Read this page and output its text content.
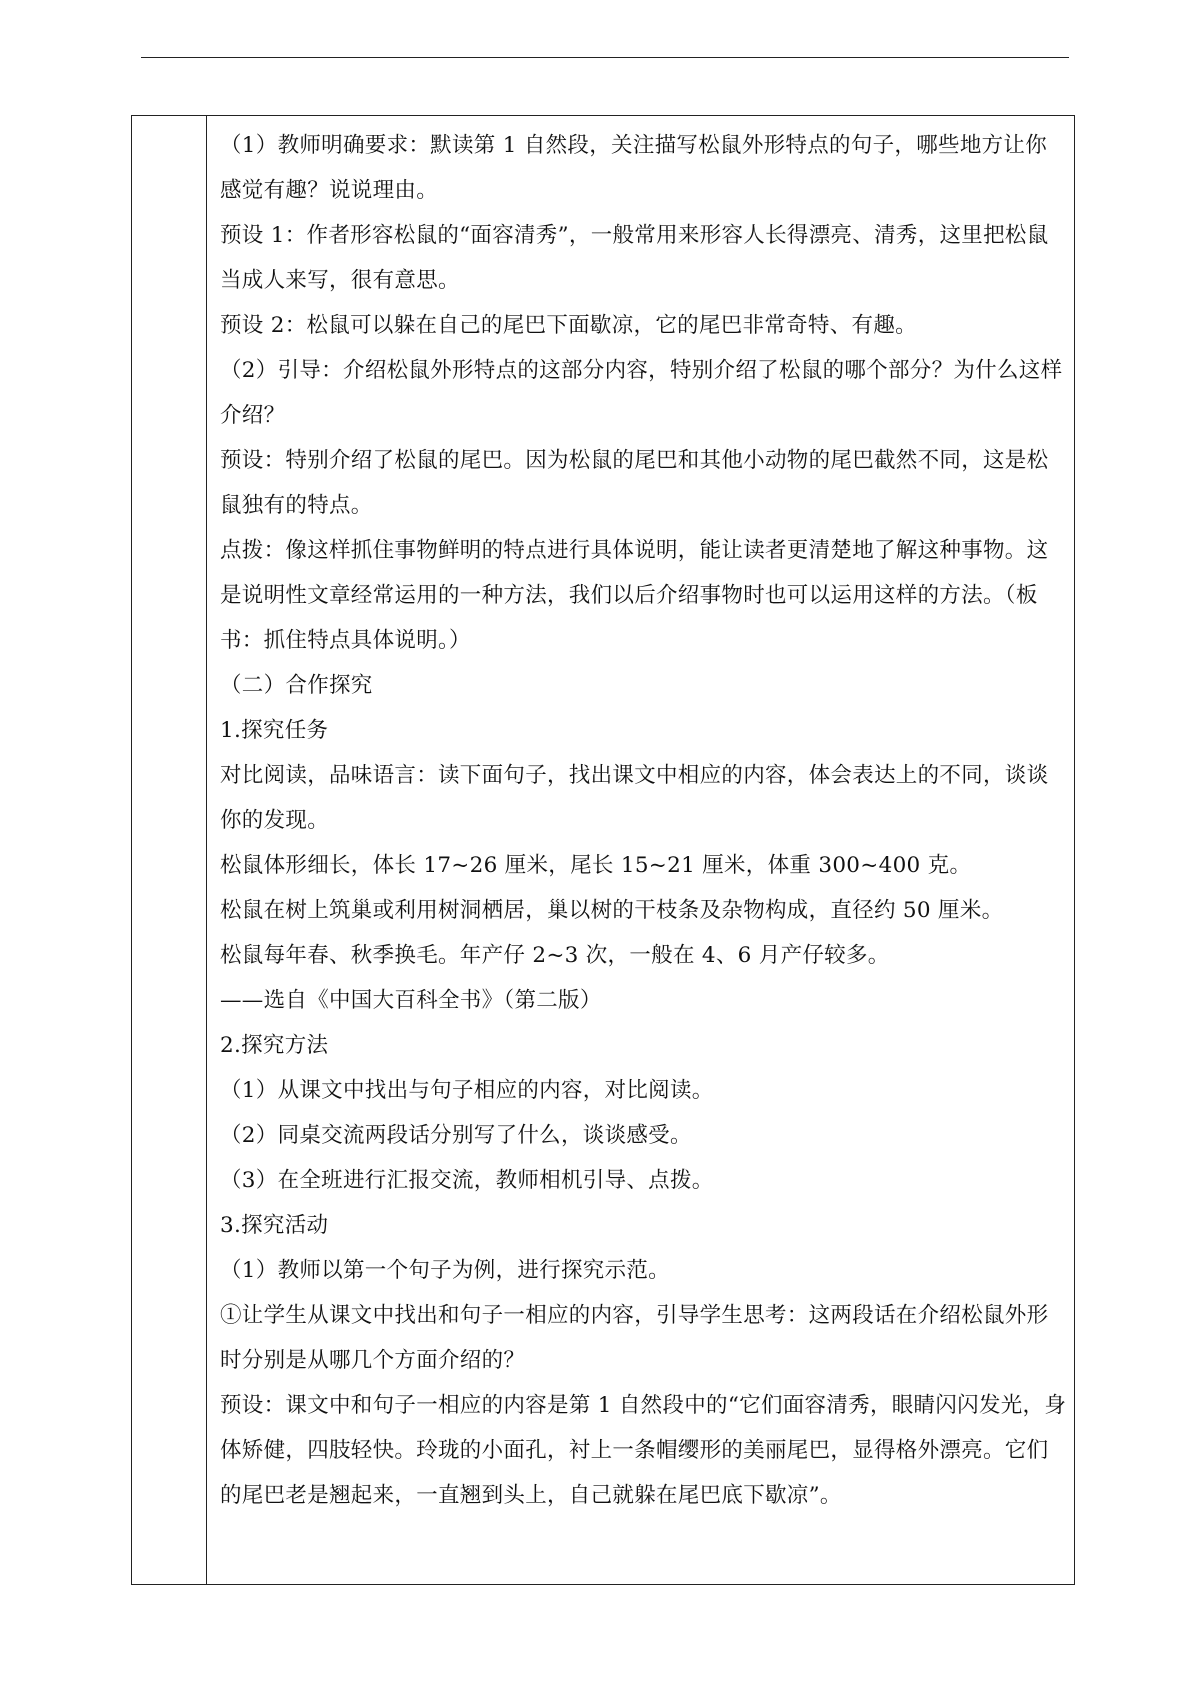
（1）教师明确要求：默读第 1 自然段，关注描写松鼠外形特点的句子，哪些地方让你感觉有趣？说说理由。

预设 1：作者形容松鼠的“面容清秀”，一般常用来形容人长得漂亮、清秀，这里把松鼠当成人来写，很有意思。

预设 2：松鼠可以躲在自己的尾巴下面歇凉，它的尾巴非常奇特、有趣。

（2）引导：介绍松鼠外形特点的这部分内容，特别介绍了松鼠的哪个部分？为什么这样介绍？

预设：特别介绍了松鼠的尾巴。因为松鼠的尾巴和其他小动物的尾巴截然不同，这是松鼠独有的特点。

点拨：像这样抓住事物鲜明的特点进行具体说明，能让读者更清楚地了解这种事物。这是说明性文章经常运用的一种方法，我们以后介绍事物时也可以运用这样的方法。（板书：抓住特点具体说明。）

（二）合作探究

1.探究任务

对比阅读，品味语言：读下面句子，找出课文中相应的内容，体会表达上的不同，谈谈你的发现。

松鼠体形细长，体长 17~26 厘米，尾长 15~21 厘米，体重 300~400 克。

松鼠在树上筑巢或利用树洞栖居，巢以树的干枝条及杂物构成，直径约 50 厘米。

松鼠每年春、秋季换毛。年产仔 2~3 次，一般在 4、6 月产仔较多。

——选自《中国大百科全书》（第二版）

2.探究方法

（1）从课文中找出与句子相应的内容，对比阅读。

（2）同桌交流两段话分别写了什么，谈谈感受。

（3）在全班进行汇报交流，教师相机引导、点拨。

3.探究活动

（1）教师以第一个句子为例，进行探究示范。

①让学生从课文中找出和句子一相应的内容，引导学生思考：这两段话在介绍松鼠外形时分别是从哪几个方面介绍的？

预设：课文中和句子一相应的内容是第 1 自然段中的“它们面容清秀，眼睛闪闪发光，身体矫健，四肢轻快。玲珑的小面孔，衬上一条帽缨形的美丽尾巴，显得格外漂亮。它们的尾巴老是翘起来，一直翘到头上，自己就躲在尾巴底下歇凉”。
